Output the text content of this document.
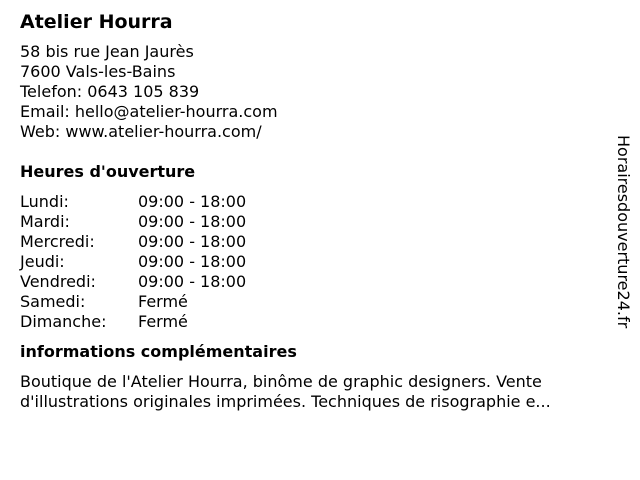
Atelier Hourra
58 bis rue Jean Jaurès
7600 Vals-les-Bains
Telefon: 0643 105 839
Email: hello@atelier-hourra.com
Web: www.atelier-hourra.com/
Heures d'ouverture
Lundi:	09:00 - 18:00
Mardi:	09:00 - 18:00
Mercredi:	09:00 - 18:00
Jeudi:	09:00 - 18:00
Vendredi:	09:00 - 18:00
Samedi:	Fermé
Dimanche:	Fermé
informations complémentaires
Boutique de l'Atelier Hourra, binôme de graphic designers. Vente d'illustrations originales imprimées. Techniques de risographie e...
Horairesdouverture24.fr
